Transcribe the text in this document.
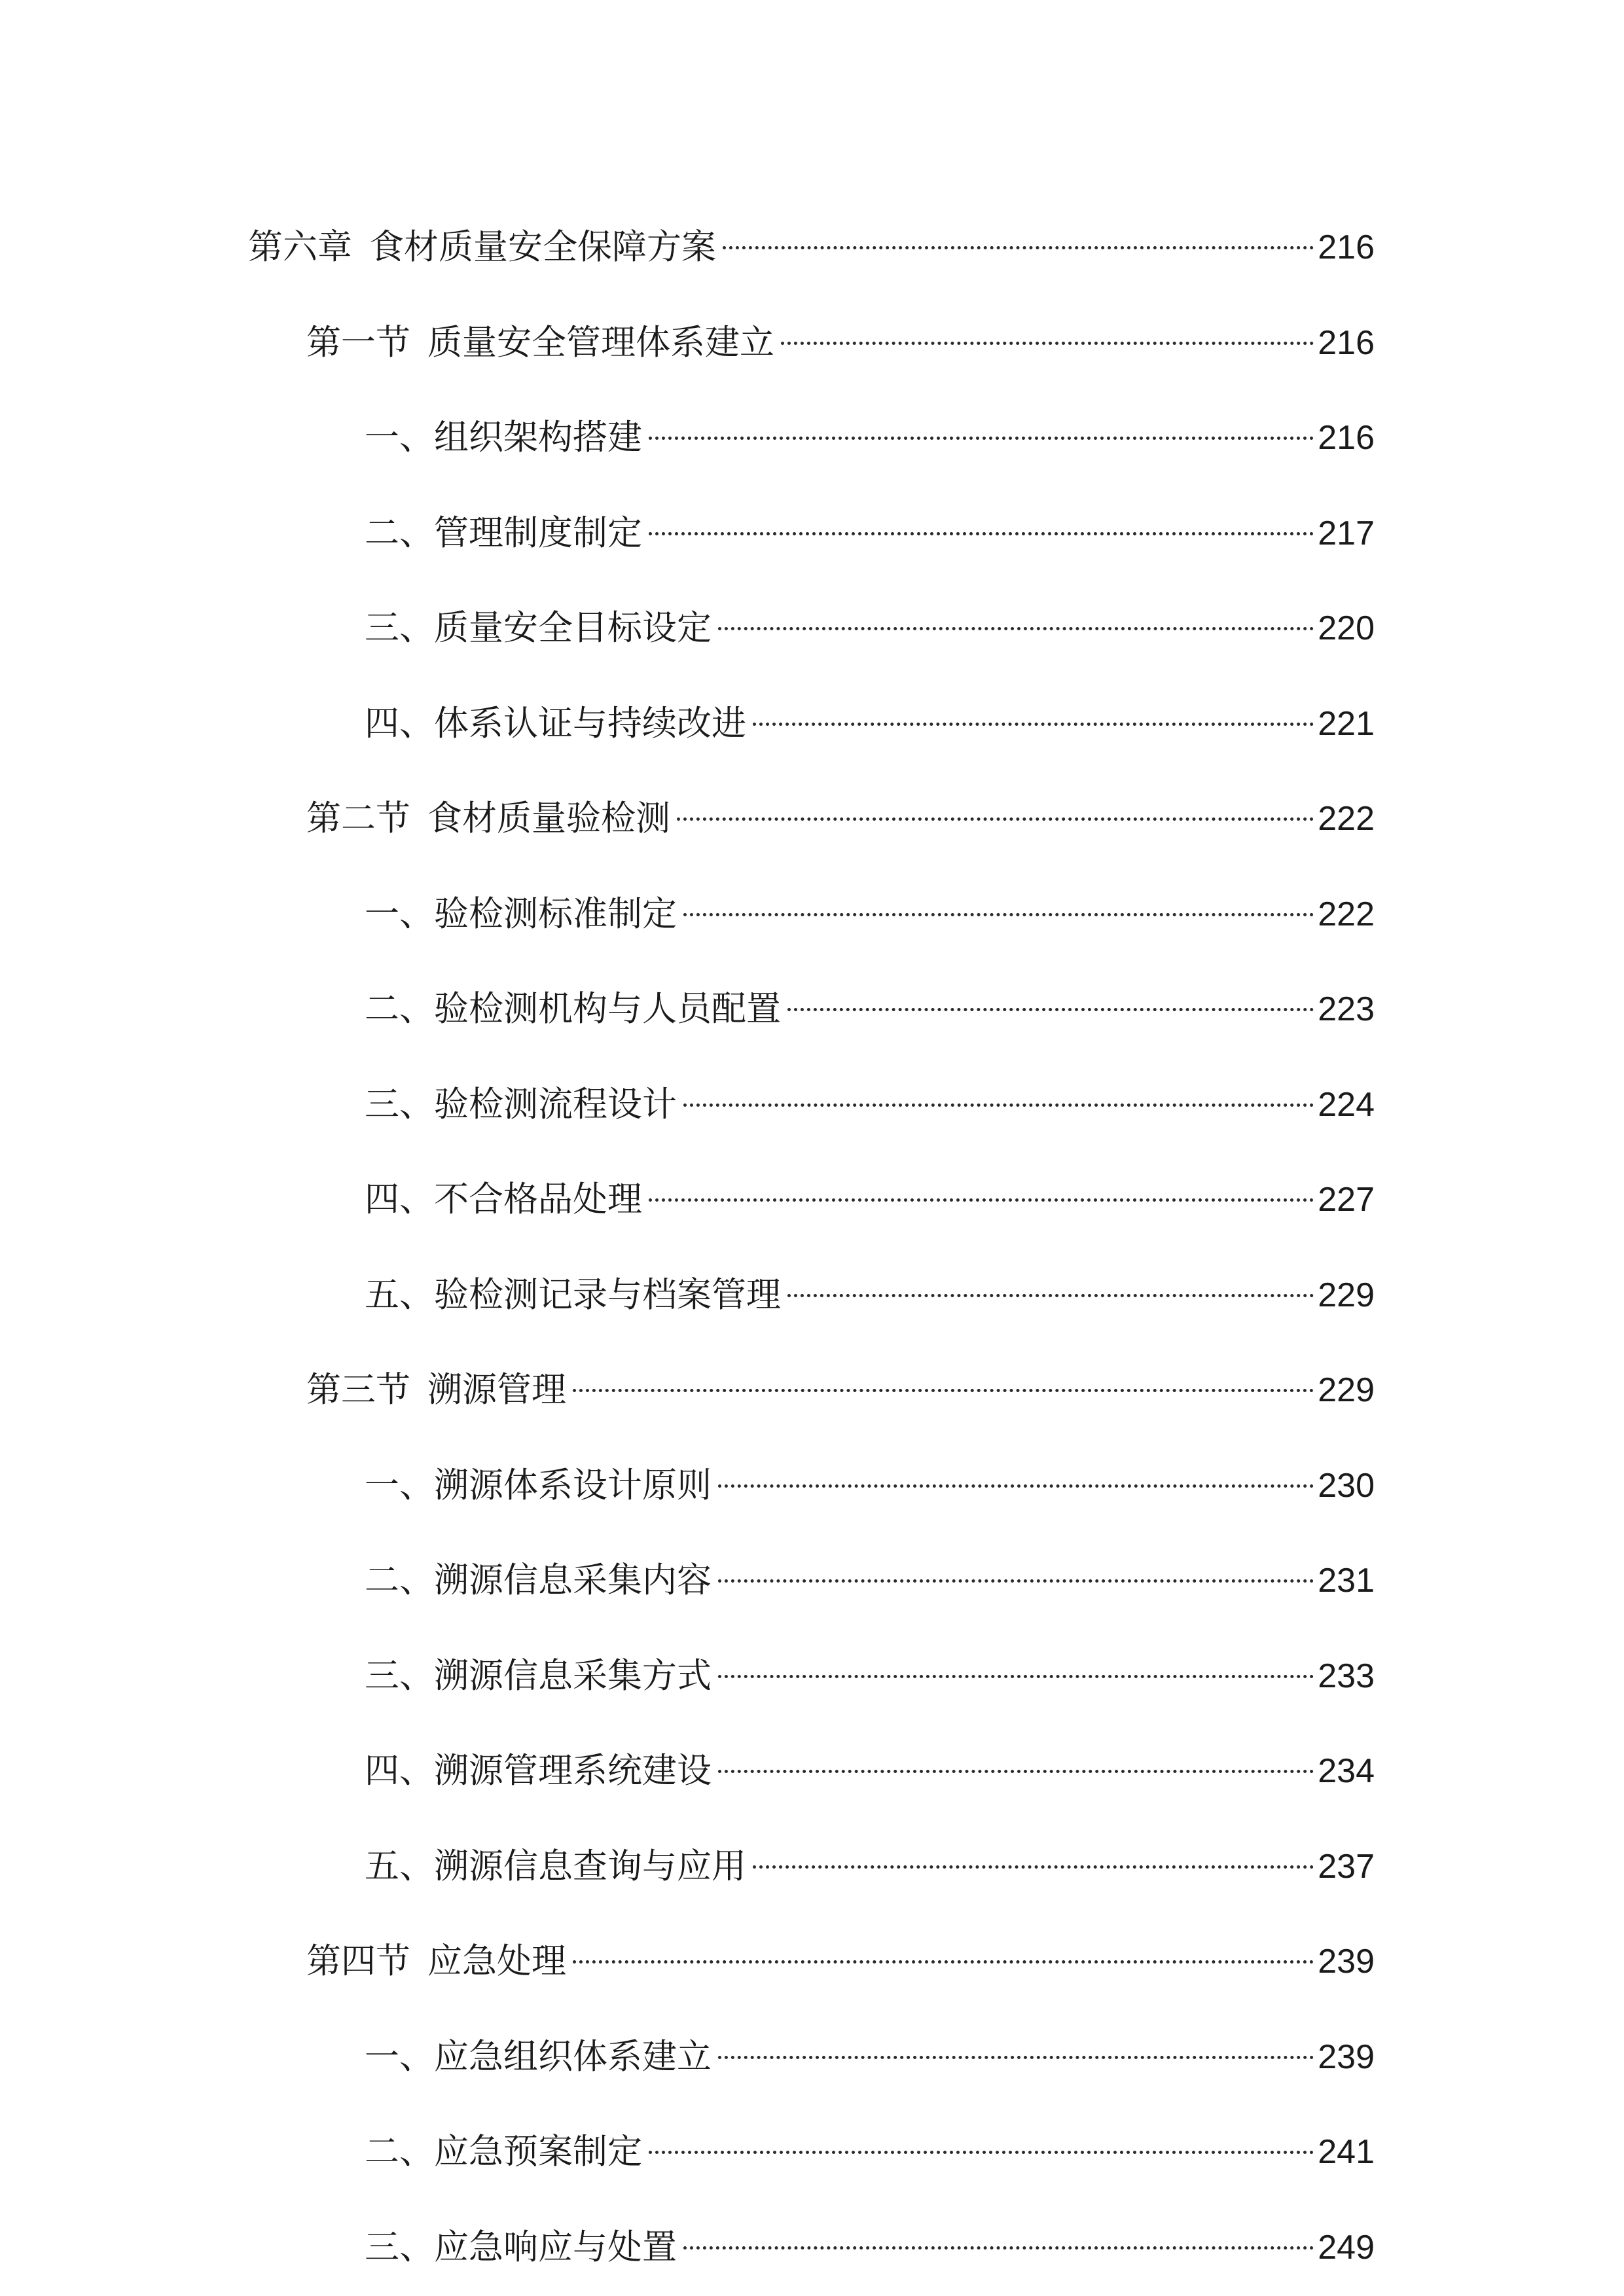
第六章 食材质量安全保障方案	216
第一节 质量安全管理体系建立	216
一、组织架构搭建	216
二、管理制度制定	217
三、质量安全目标设定	220
四、体系认证与持续改进	221
第二节 食材质量验检测	222
一、验检测标准制定	222
二、验检测机构与人员配置	223
三、验检测流程设计	224
四、不合格品处理	227
五、验检测记录与档案管理	229
第三节 溯源管理	229
一、溯源体系设计原则	230
二、溯源信息采集内容	231
三、溯源信息采集方式	233
四、溯源管理系统建设	234
五、溯源信息查询与应用	237
第四节 应急处理	239
一、应急组织体系建立	239
二、应急预案制定	241
三、应急响应与处置	249
